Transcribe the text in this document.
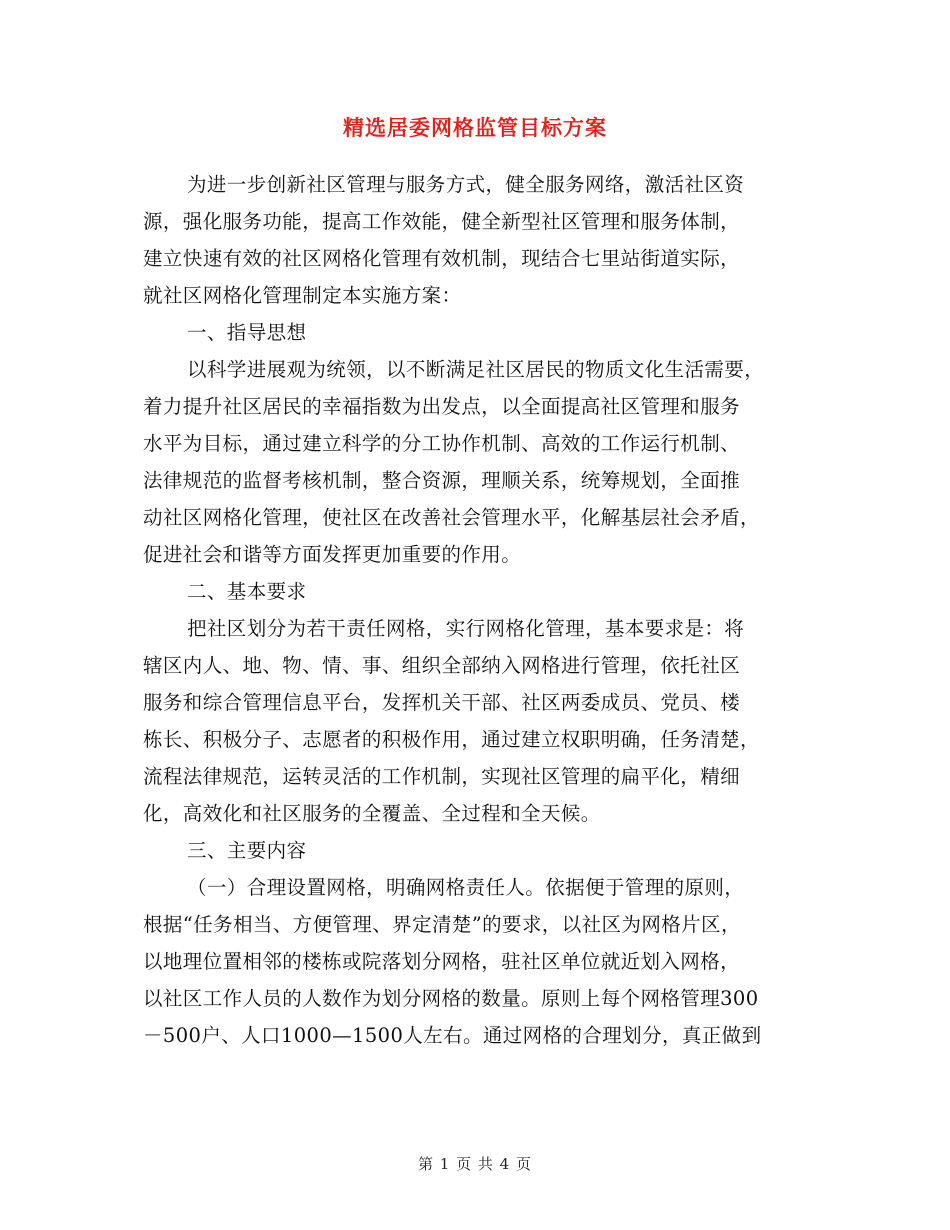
精选居委网格监管目标方案
为进一步创新社区管理与服务方式，健全服务网络，激活社区资
源，强化服务功能，提高工作效能，健全新型社区管理和服务体制，
建立快速有效的社区网格化管理有效机制，现结合七里站街道实际，
就社区网格化管理制定本实施方案：
一、指导思想
以科学进展观为统领，以不断满足社区居民的物质文化生活需要，
着力提升社区居民的幸福指数为出发点，以全面提高社区管理和服务
水平为目标，通过建立科学的分工协作机制、高效的工作运行机制、
法律规范的监督考核机制，整合资源，理顺关系，统筹规划，全面推
动社区网格化管理，使社区在改善社会管理水平，化解基层社会矛盾，
促进社会和谐等方面发挥更加重要的作用。
二、基本要求
把社区划分为若干责任网格，实行网格化管理，基本要求是：将
辖区内人、地、物、情、事、组织全部纳入网格进行管理，依托社区
服务和综合管理信息平台，发挥机关干部、社区两委成员、党员、楼
栋长、积极分子、志愿者的积极作用，通过建立权职明确，任务清楚，
流程法律规范，运转灵活的工作机制，实现社区管理的扁平化，精细
化，高效化和社区服务的全覆盖、全过程和全天候。
三、主要内容
（一）合理设置网格，明确网格责任人。依据便于管理的原则，
根据“任务相当、方便管理、界定清楚”的要求，以社区为网格片区，
以地理位置相邻的楼栋或院落划分网格，驻社区单位就近划入网格，
以社区工作人员的人数作为划分网格的数量。原则上每个网格管理300
－500户、人口1000—1500人左右。通过网格的合理划分，真正做到
第 1 页 共 4 页
